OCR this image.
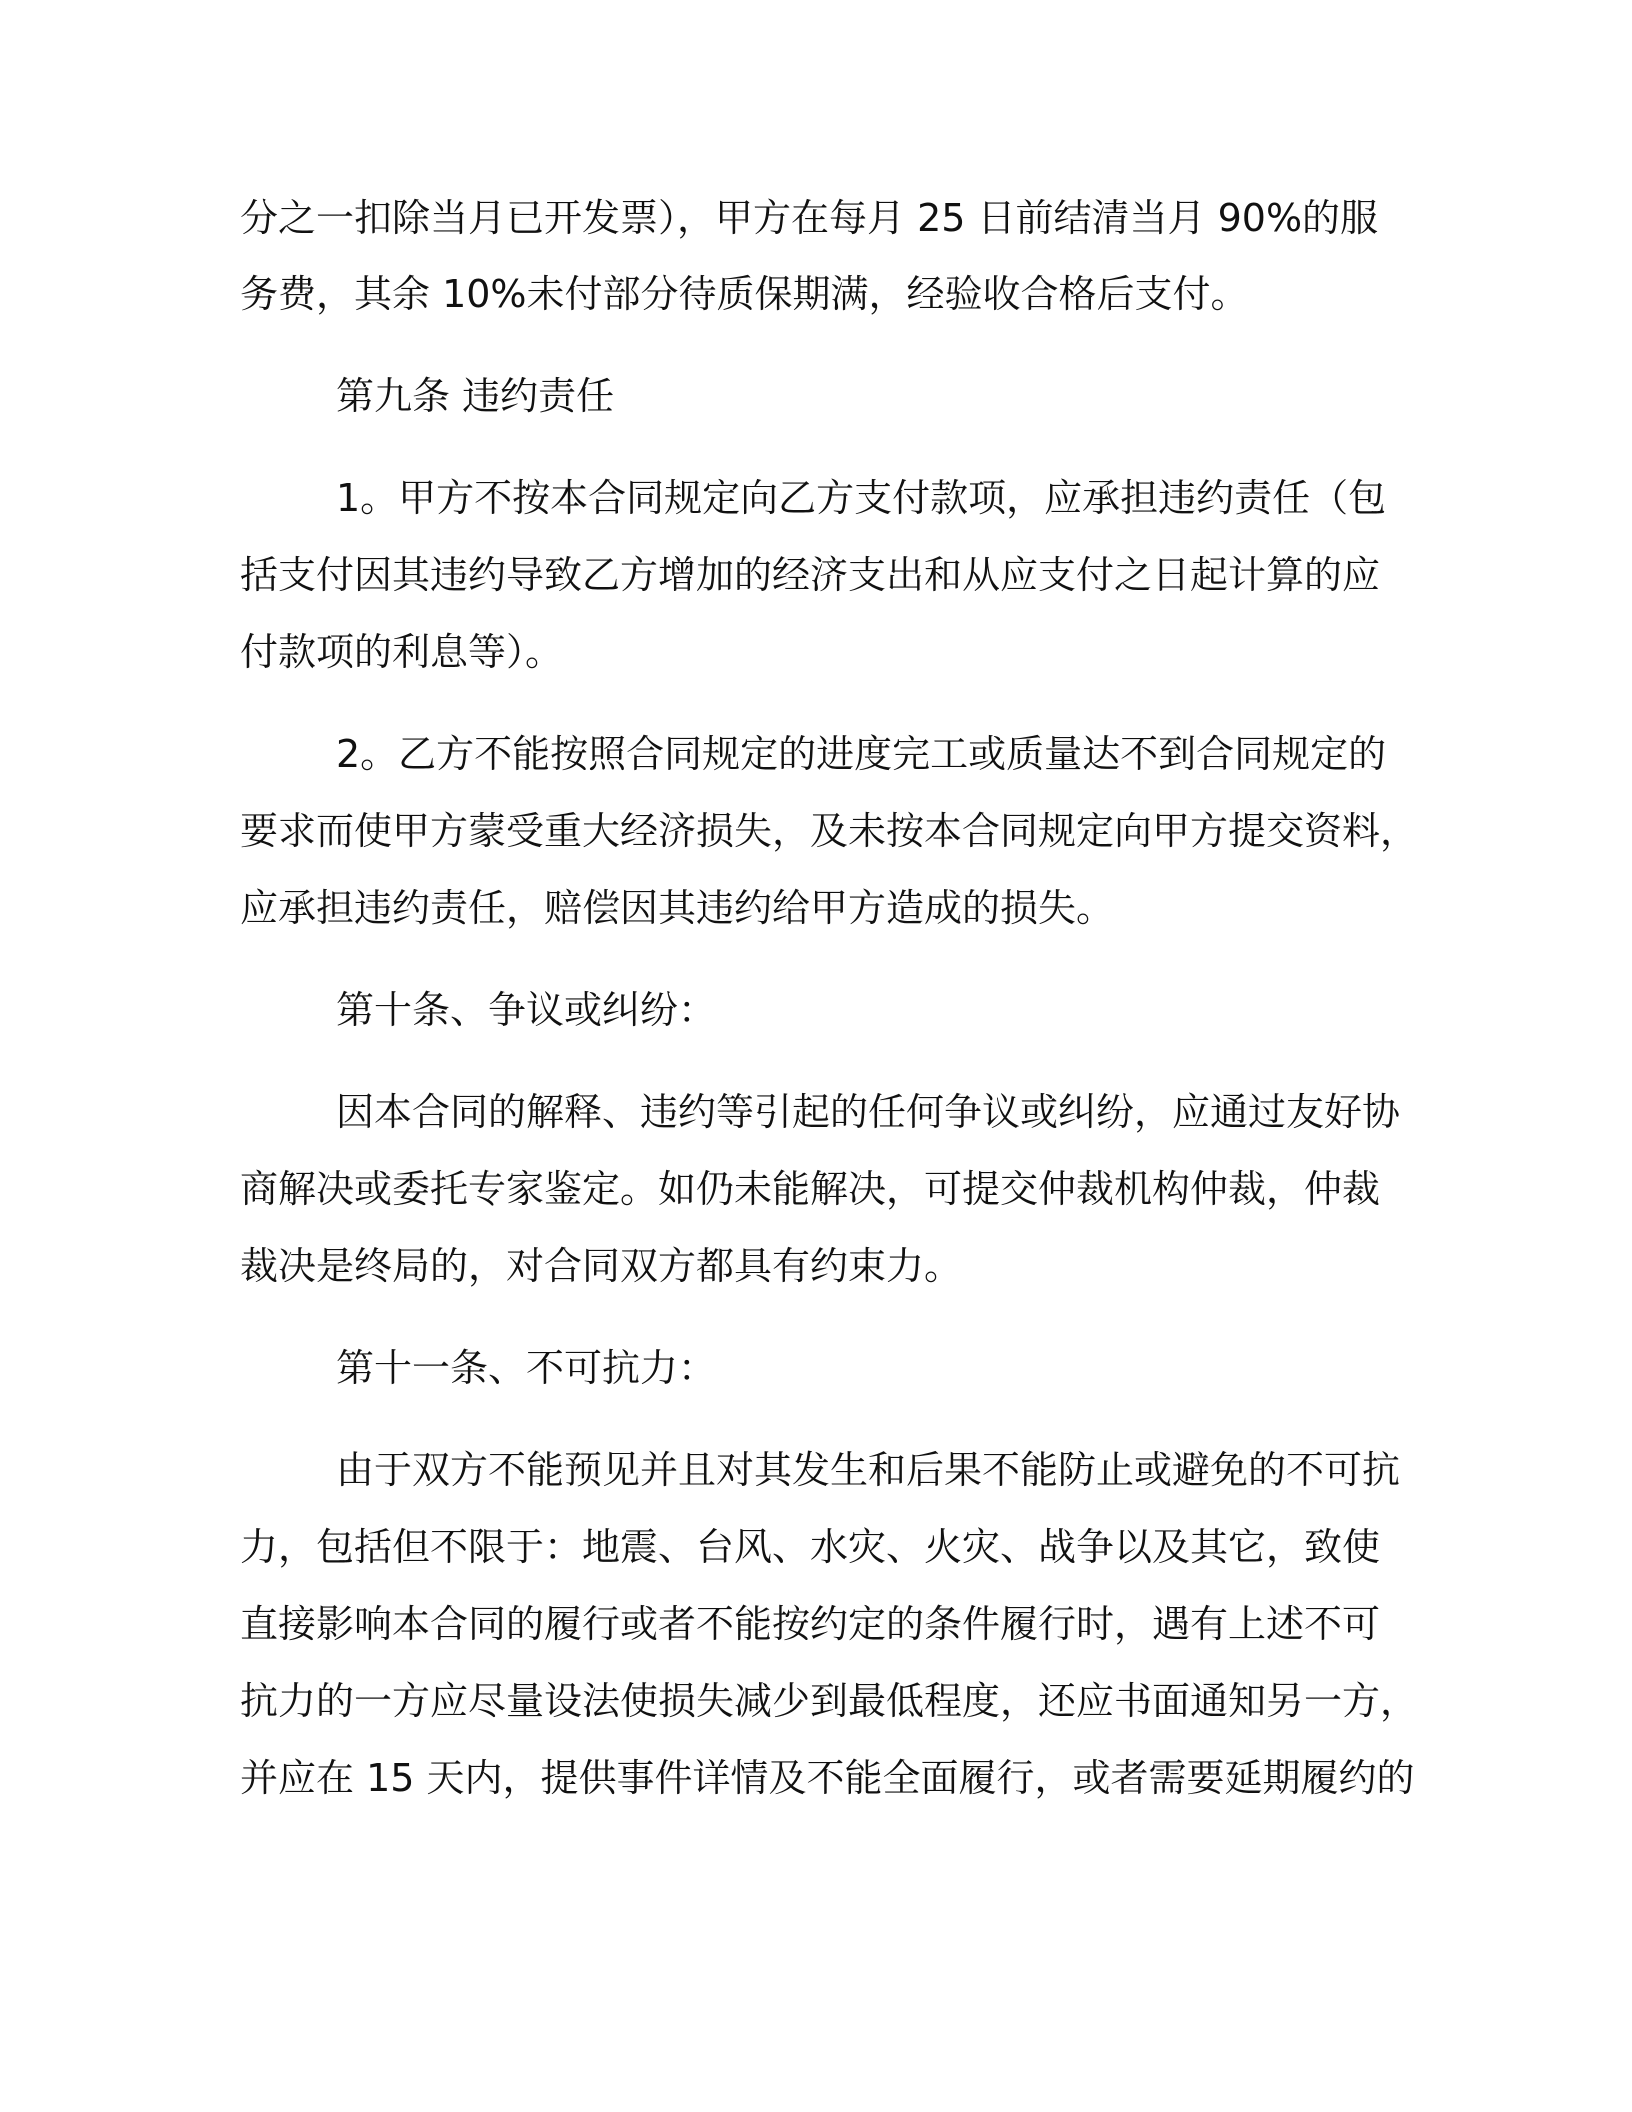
分之一扣除当月已开发票），甲方在每月 25 日前结清当月 90%的服
务费，其余 10%未付部分待质保期满，经验收合格后支付。
第九条 违约责任
1。甲方不按本合同规定向乙方支付款项，应承担违约责任（包
括支付因其违约导致乙方增加的经济支出和从应支付之日起计算的应
付款项的利息等）。
2。乙方不能按照合同规定的进度完工或质量达不到合同规定的
要求而使甲方蒙受重大经济损失，及未按本合同规定向甲方提交资料，
应承担违约责任，赔偿因其违约给甲方造成的损失。
第十条、争议或纠纷：
因本合同的解释、违约等引起的任何争议或纠纷，应通过友好协
商解决或委托专家鉴定。如仍未能解决，可提交仲裁机构仲裁，仲裁
裁决是终局的，对合同双方都具有约束力。
第十一条、不可抗力：
由于双方不能预见并且对其发生和后果不能防止或避免的不可抗
力，包括但不限于：地震、台风、水灾、火灾、战争以及其它，致使
直接影响本合同的履行或者不能按约定的条件履行时，遇有上述不可
抗力的一方应尽量设法使损失减少到最低程度，还应书面通知另一方，
并应在 15 天内，提供事件详情及不能全面履行，或者需要延期履约的
